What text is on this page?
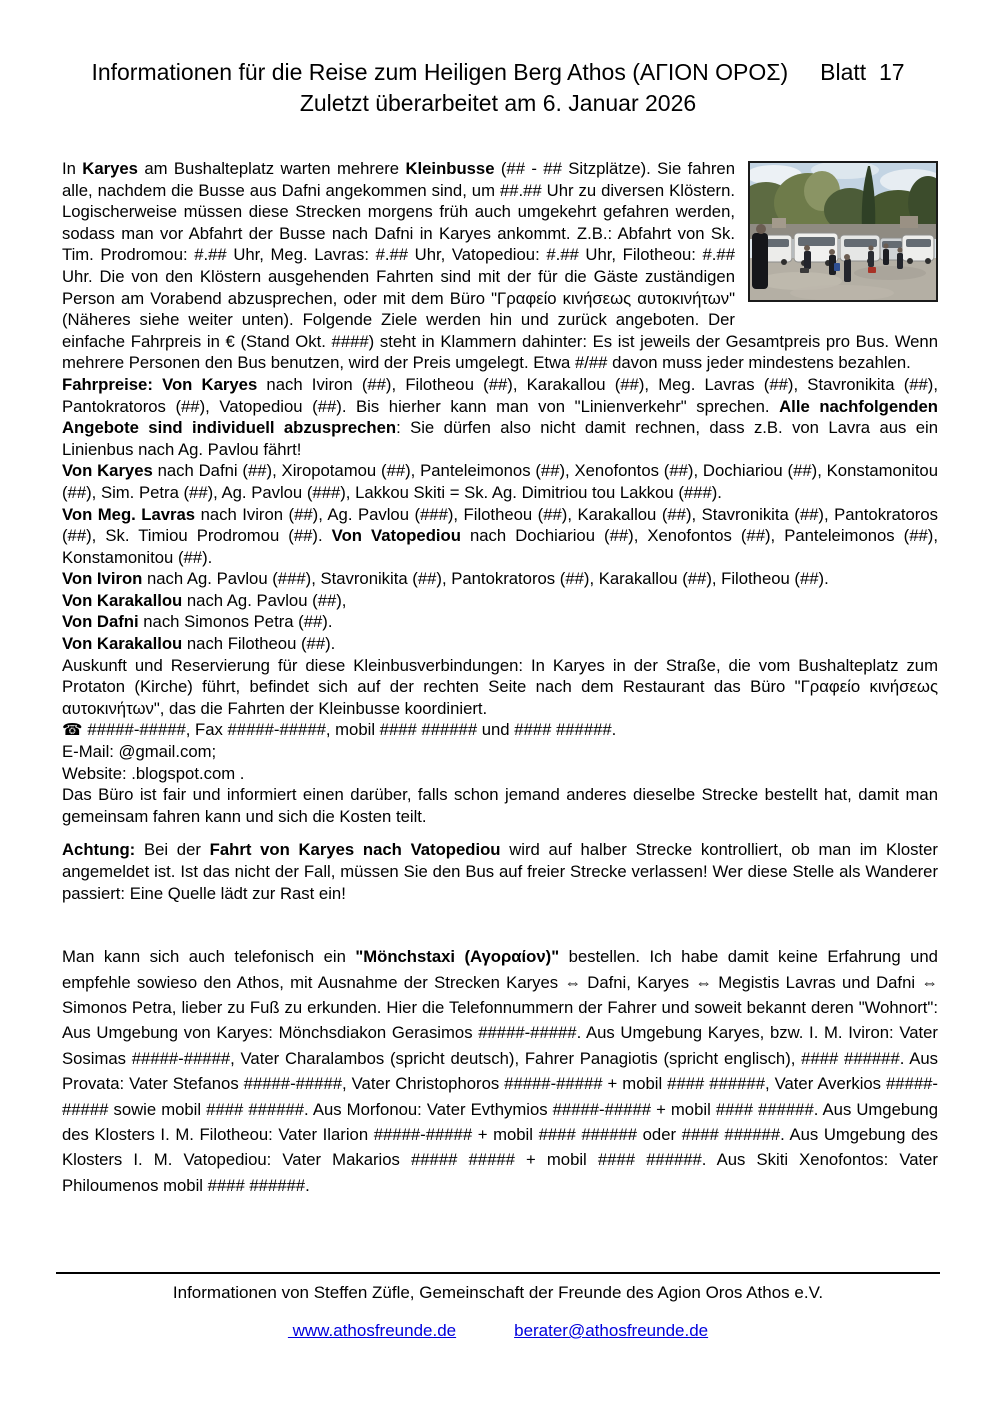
Informationen für die Reise zum Heiligen Berg Athos (ΑΓΙΟΝ ΟΡΟΣ) Blatt  17
Zuletzt überarbeitet am 6. Januar 2026

In Karyes am Bushalteplatz warten mehrere Kleinbusse (## - ## Sitzplätze). Sie fahren alle, nachdem die Busse aus Dafni angekommen sind, um ##.## Uhr zu diversen Klöstern. Logischerweise müssen diese Strecken morgens früh auch umgekehrt gefahren werden, sodass man vor Abfahrt der Busse nach Dafni in Karyes ankommt. Z.B.: Abfahrt von Sk. Tim. Prodromou: #.## Uhr, Meg. Lavras: #.## Uhr, Vatopediou: #.## Uhr, Filotheou: #.## Uhr. Die von den Klöstern ausgehenden Fahrten sind mit der für die Gäste zuständigen Person am Vorabend abzusprechen, oder mit dem Büro "Γραφείο κινήσεως αυτοκινήτων" (Näheres siehe weiter unten). Folgende Ziele werden hin und zurück angeboten. Der einfache Fahrpreis in € (Stand Okt. ####) steht in Klammern dahinter: Es ist jeweils der Gesamtpreis pro Bus. Wenn mehrere Personen den Bus benutzen, wird der Preis umgelegt. Etwa #/## davon muss jeder mindestens bezahlen.

Fahrpreise: Von Karyes nach Iviron (##), Filotheou (##), Karakallou (##), Meg. Lavras (##), Stavronikita (##), Pantokratoros (##), Vatopediou (##). Bis hierher kann man von "Linienverkehr" sprechen. Alle nachfolgenden Angebote sind individuell abzusprechen: Sie dürfen also nicht damit rechnen, dass z.B. von Lavra aus ein Linienbus nach Ag. Pavlou fährt!

Von Karyes nach Dafni (##), Xiropotamou (##), Panteleimonos (##), Xenofontos (##), Dochiariou (##), Konstamonitou (##), Sim. Petra (##), Ag. Pavlou (###), Lakkou Skiti = Sk. Ag. Dimitriou tou Lakkou (###).

Von Meg. Lavras nach Iviron (##), Ag. Pavlou (###), Filotheou (##), Karakallou (##), Stavronikita (##), Pantokratoros (##), Sk. Timiou Prodromou (##). Von Vatopediou nach Dochiariou (##), Xenofontos (##), Panteleimonos (##), Konstamonitou (##).

Von Iviron nach Ag. Pavlou (###), Stavronikita (##), Pantokratoros (##), Karakallou (##), Filotheou (##).

Von Karakallou nach Ag. Pavlou (##),

Von Dafni nach Simonos Petra (##).

Von Karakallou nach Filotheou (##).

Auskunft und Reservierung für diese Kleinbusverbindungen: In Karyes in der Straße, die vom Bushalteplatz zum Protaton (Kirche) führt, befindet sich auf der rechten Seite nach dem Restaurant das Büro "Γραφείο κινήσεως αυτοκινήτων", das die Fahrten der Kleinbusse koordiniert.

☎ #####-#####, Fax #####-#####, mobil #### ###### und #### ######.

E-Mail: @gmail.com;

Website: .blogspot.com .

Das Büro ist fair und informiert einen darüber, falls schon jemand anderes dieselbe Strecke bestellt hat, damit man gemeinsam fahren kann und sich die Kosten teilt.

Achtung: Bei der Fahrt von Karyes nach Vatopediou wird auf halber Strecke kontrolliert, ob man im Kloster angemeldet ist. Ist das nicht der Fall, müssen Sie den Bus auf freier Strecke verlassen! Wer diese Stelle als Wanderer passiert: Eine Quelle lädt zur Rast ein!

Man kann sich auch telefonisch ein "Mönchstaxi (Αγοραίον)" bestellen. Ich habe damit keine Erfahrung und empfehle sowieso den Athos, mit Ausnahme der Strecken Karyes ⇔ Dafni, Karyes ⇔ Megistis Lavras und Dafni ⇔ Simonos Petra, lieber zu Fuß zu erkunden. Hier die Telefonnummern der Fahrer und soweit bekannt deren "Wohnort":    Aus Umgebung von Karyes: Mönchsdiakon Gerasimos #####-#####. Aus Umgebung Karyes, bzw. I. M. Iviron: Vater Sosimas #####-#####, Vater Charalambos (spricht deutsch), Fahrer Panagiotis (spricht englisch), #### ######. Aus Provata: Vater Stefanos #####-#####, Vater Christophoros #####-##### + mobil #### ######, Vater Averkios #####-##### sowie mobil #### ######. Aus Morfonou: Vater Evthymios #####-##### + mobil #### ######. Aus Umgebung des Klosters I. M. Filotheou: Vater Ilarion #####-##### + mobil #### ###### oder #### ######. Aus Umgebung des Klosters I. M. Vatopediou: Vater Makarios ##### ##### + mobil #### ######. Aus Skiti Xenofontos: Vater Philoumenos mobil #### ######.

Informationen von Steffen Züfle, Gemeinschaft der Freunde des Agion Oros Athos e.V.
www.athosfreunde.de	berater@athosfreunde.de
